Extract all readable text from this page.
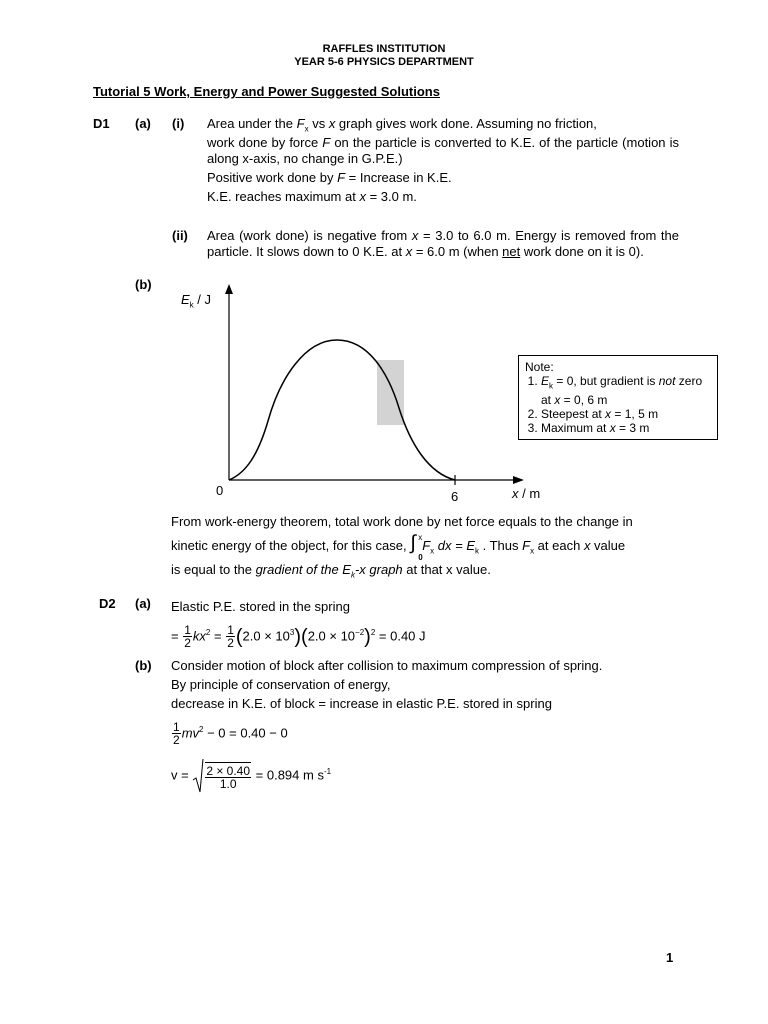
RAFFLES INSTITUTION
YEAR 5-6 PHYSICS DEPARTMENT
Tutorial 5 Work, Energy and Power Suggested Solutions
D1 (a) (i) Area under the $F_x$ vs x graph gives work done. Assuming no friction,
work done by force F on the particle is converted to K.E. of the particle (motion is along x-axis, no change in G.P.E.)
Positive work done by F = Increase in K.E.
K.E. reaches maximum at x = 3.0 m.
(ii) Area (work done) is negative from x = 3.0 to 6.0 m. Energy is removed from the particle. It slows down to 0 K.E. at x = 6.0 m (when net work done on it is 0).
(b)
$E_k$ / J
0	6	x / m
Note:
1. $E_k = 0$, but gradient is not zero at x = 0, 6 m
2. Steepest at x = 1, 5 m
3. Maximum at x = 3 m
From work-energy theorem, total work done by net force equals to the change in
kinetic energy of the object, for this case, ∫ x
0
$F_x$ dx = $E_k$ . Thus $F_x$ at each x value
is equal to the gradient of the $E_k-x$ graph at that x value.
D2 (a) Elastic P.E. stored in the spring
= $\frac{1}{2} kx^2 = \frac{1}{2} (2.0 \times 10^3)(2.0 \times 10^{-2})^2 = 0.40$ J
(b) Consider motion of block after collision to maximum compression of spring.
By principle of conservation of energy,
decrease in K.E. of block = increase in elastic P.E. stored in spring
$\frac{1}{2} mv^2 - 0 = 0.40 - 0$
$v = \frac{2 \times 0.40}{1.0} = 0.894$ m $s^{-1}$
1
